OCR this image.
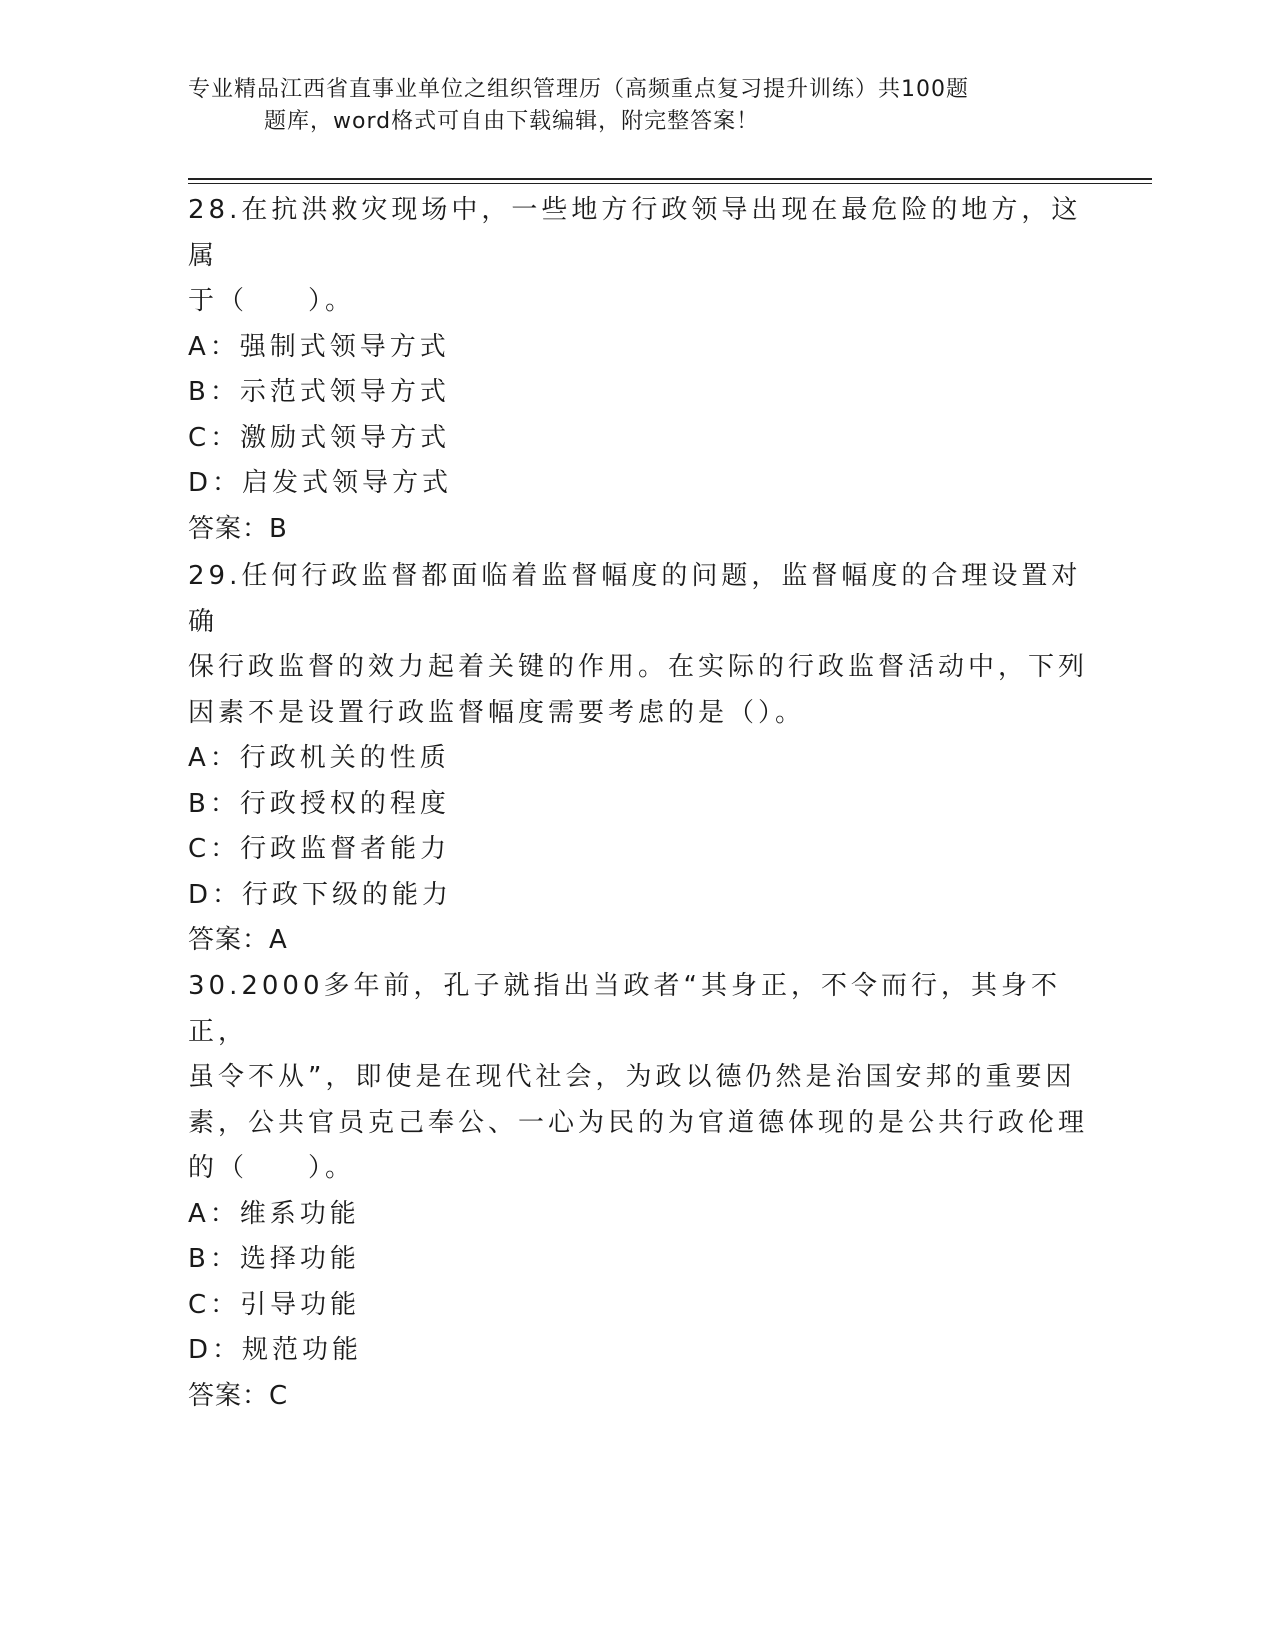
专业精品江西省直事业单位之组织管理历（高频重点复习提升训练）共100题
题库，word格式可自由下载编辑，附完整答案！
28.在抗洪救灾现场中，一些地方行政领导出现在最危险的地方，这属
于（　　）。
A：强制式领导方式
B：示范式领导方式
C：激励式领导方式
D：启发式领导方式
答案：B
29.任何行政监督都面临着监督幅度的问题，监督幅度的合理设置对确
保行政监督的效力起着关键的作用。在实际的行政监督活动中，下列
因素不是设置行政监督幅度需要考虑的是（）。
A：行政机关的性质
B：行政授权的程度
C：行政监督者能力
D：行政下级的能力
答案：A
30.2000多年前，孔子就指出当政者“其身正，不令而行，其身不正，
虽令不从”，即使是在现代社会，为政以德仍然是治国安邦的重要因
素，公共官员克己奉公、一心为民的为官道德体现的是公共行政伦理
的（　　）。
A：维系功能
B：选择功能
C：引导功能
D：规范功能
答案：C
